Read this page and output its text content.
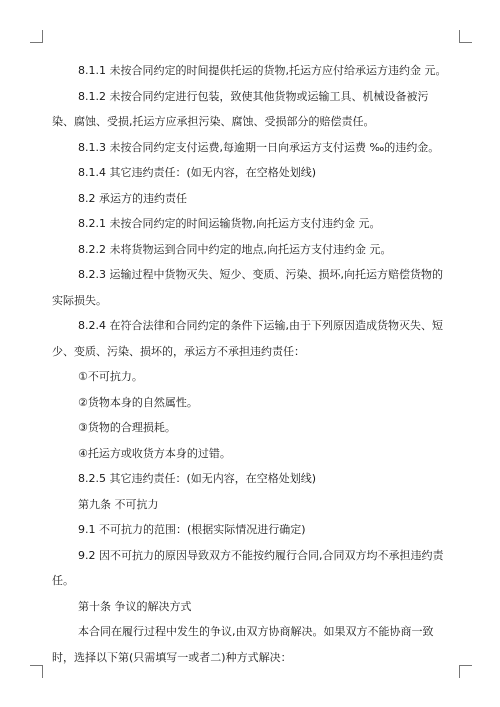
8.1.1 未按合同约定的时间提供托运的货物,托运方应付给承运方违约金 元。

8.1.2 未按合同约定进行包装，致使其他货物或运输工具、机械设备被污染、腐蚀、受损,托运方应承担污染、腐蚀、受损部分的赔偿责任。

8.1.3 未按合同约定支付运费,每逾期一日向承运方支付运费 ‰的违约金。

8.1.4 其它违约责任：(如无内容，在空格处划线)

8.2 承运方的违约责任

8.2.1 未按合同约定的时间运输货物,向托运方支付违约金 元。

8.2.2 未将货物运到合同中约定的地点,向托运方支付违约金 元。

8.2.3 运输过程中货物灭失、短少、变质、污染、损坏,向托运方赔偿货物的实际损失。

8.2.4 在符合法律和合同约定的条件下运输,由于下列原因造成货物灭失、短少、变质、污染、损坏的，承运方不承担违约责任：

①不可抗力。

②货物本身的自然属性。

③货物的合理损耗。

④托运方或收货方本身的过错。

8.2.5 其它违约责任：(如无内容，在空格处划线)

第九条 不可抗力

9.1 不可抗力的范围：(根据实际情况进行确定)

9.2 因不可抗力的原因导致双方不能按约履行合同,合同双方均不承担违约责任。

第十条 争议的解决方式

本合同在履行过程中发生的争议,由双方协商解决。如果双方不能协商一致时，选择以下第(只需填写一或者二)种方式解决：
